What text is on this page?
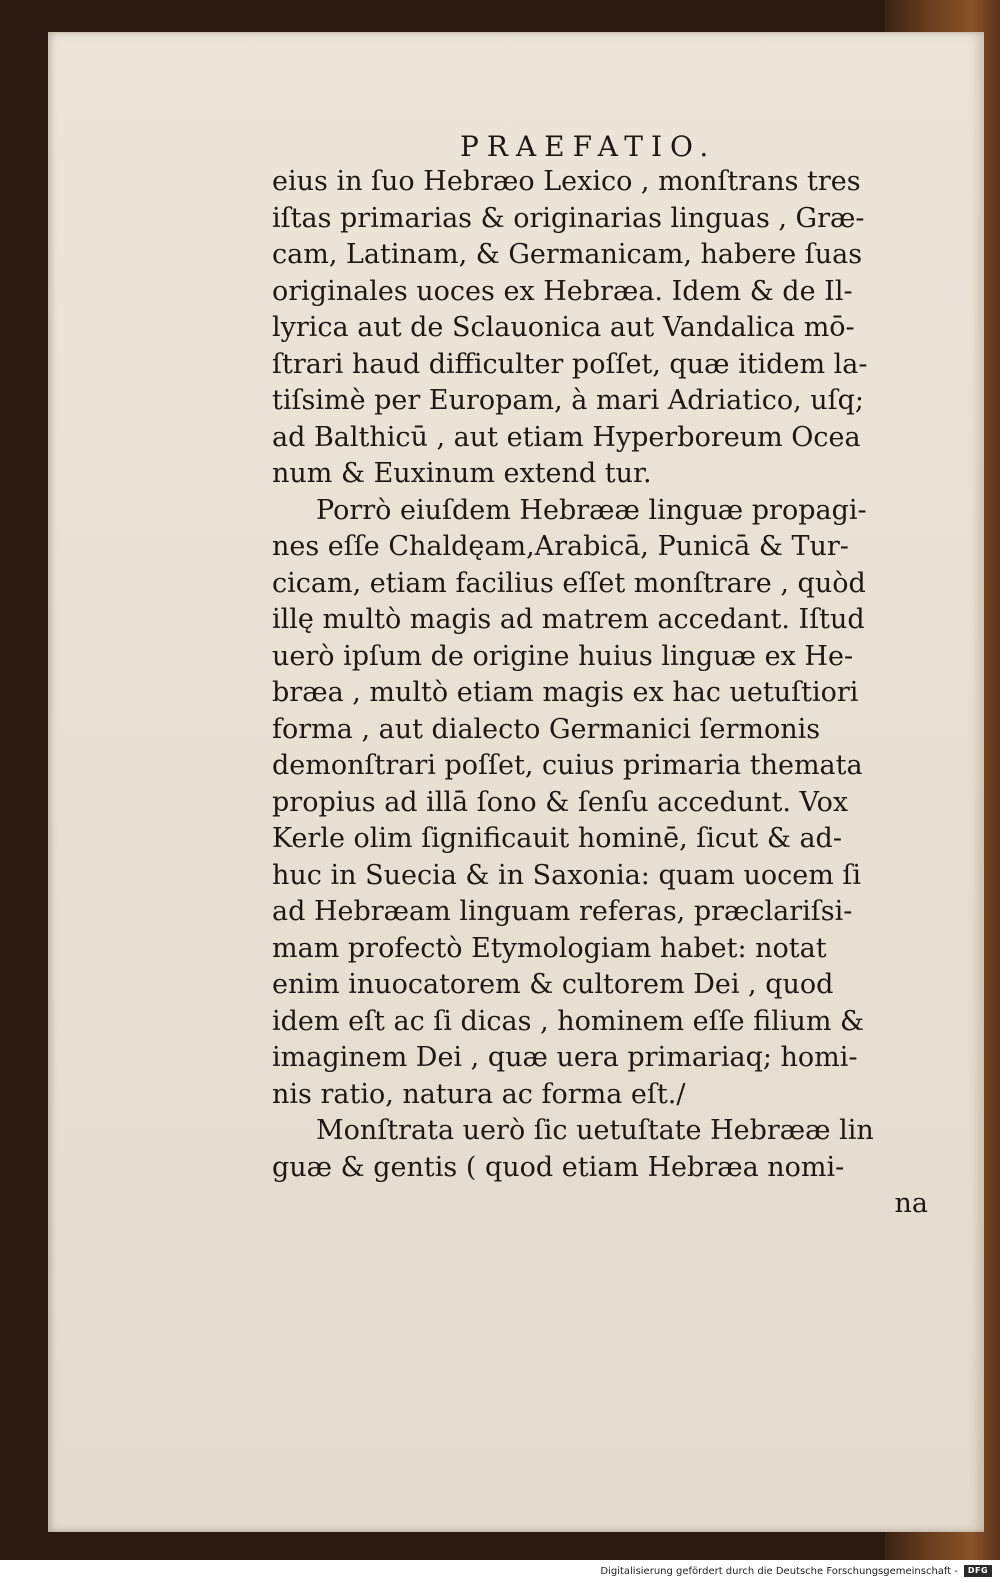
PRAEFATIO.
eius in ſuo Hebræo Lexico , monſtrans tres
iſtas primarias & originarias linguas , Græ-
cam, Latinam, & Germanicam, habere ſuas
originales uoces ex Hebræa. Idem & de Il-
lyrica aut de Sclauonica aut Vandalica mō-
ſtrari haud difficulter poſſet, quæ itidem la-
tiſsimè per Europam, à mari Adriatico, uſq;
ad Balthicū , aut etiam Hyperboreum Ocea
num & Euxinum extend tur.
Porrò eiuſdem Hebrææ linguæ propagi-
nes eſſe Chaldęam,Arabicā, Punicā & Tur-
cicam, etiam facilius eſſet monſtrare , quòd
illę multò magis ad matrem accedant. Iſtud
uerò ipſum de origine huius linguæ ex He-
bræa , multò etiam magis ex hac uetuſtiori
forma , aut dialecto Germanici ſermonis
demonſtrari poſſet, cuius primaria themata
propius ad illā ſono & ſenſu accedunt. Vox
Kerle olim ſignificauit hominē, ſicut & ad-
huc in Suecia & in Saxonia: quam uocem ſi
ad Hebræam linguam referas, præclariſsi-
mam profectò Etymologiam habet: notat
enim inuocatorem & cultorem Dei , quod
idem eſt ac ſi dicas , hominem eſſe filium &
imaginem Dei , quæ uera primariaq; homi-
nis ratio, natura ac forma eſt./
Monſtrata uerò ſic uetuſtate Hebrææ lin
guæ & gentis ( quod etiam Hebræa nomi-
na
Digitalisierung gefördert durch die Deutsche Forschungsgemeinschaft -	DFG
